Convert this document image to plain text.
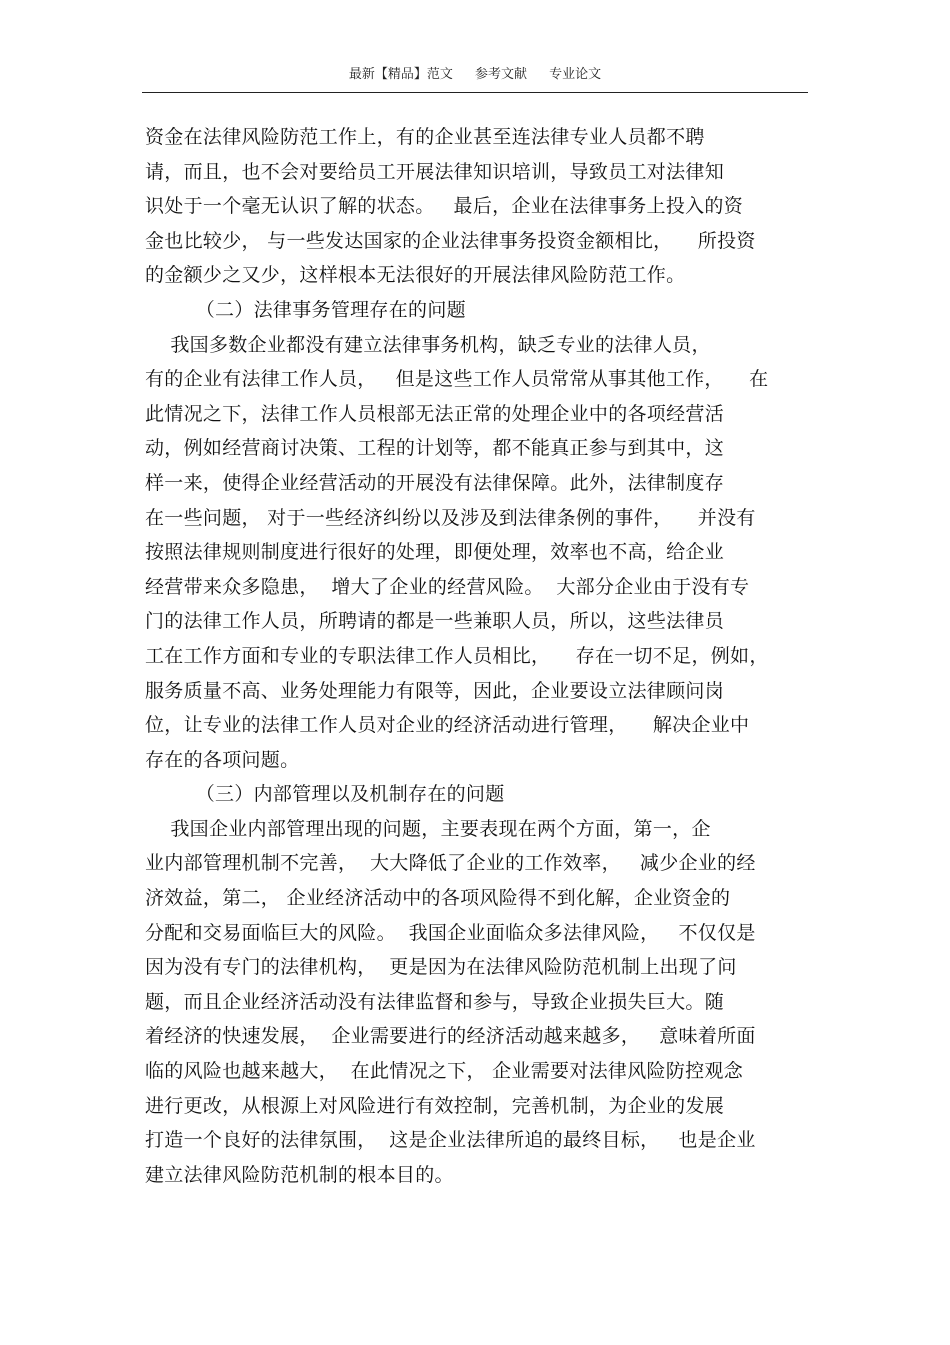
最新【精品】范文 参考文献 专业论文
资金在法律风险防范工作上，有的企业甚至连法律专业人员都不聘
请，而且，也不会对要给员工开展法律知识培训，导致员工对法律知
识处于一个毫无认识了解的状态。   最后，企业在法律事务上投入的资
金也比较少， 与一些发达国家的企业法律事务投资金额相比，    所投资
的金额少之又少，这样根本无法很好的开展法律风险防范工作。
（二）法律事务管理存在的问题
我国多数企业都没有建立法律事务机构，缺乏专业的法律人员，
有的企业有法律工作人员，   但是这些工作人员常常从事其他工作，    在
此情况之下，法律工作人员根部无法正常的处理企业中的各项经营活
动，例如经营商讨决策、工程的计划等，都不能真正参与到其中，这
样一来，使得企业经营活动的开展没有法律保障。此外，法律制度存
在一些问题， 对于一些经济纠纷以及涉及到法律条例的事件，    并没有
按照法律规则制度进行很好的处理，即便处理，效率也不高，给企业
经营带来众多隐患，  增大了企业的经营风险。  大部分企业由于没有专
门的法律工作人员，所聘请的都是一些兼职人员，所以，这些法律员
工在工作方面和专业的专职法律工作人员相比，    存在一切不足，例如，
服务质量不高、业务处理能力有限等，因此，企业要设立法律顾问岗
位，让专业的法律工作人员对企业的经济活动进行管理，    解决企业中
存在的各项问题。
（三）内部管理以及机制存在的问题
我国企业内部管理出现的问题，主要表现在两个方面，第一，企
业内部管理机制不完善，  大大降低了企业的工作效率，   减少企业的经
济效益，第二， 企业经济活动中的各项风险得不到化解，企业资金的
分配和交易面临巨大的风险。  我国企业面临众多法律风险，   不仅仅是
因为没有专门的法律机构，  更是因为在法律风险防范机制上出现了问
题，而且企业经济活动没有法律监督和参与，导致企业损失巨大。随
着经济的快速发展，  企业需要进行的经济活动越来越多，   意味着所面
临的风险也越来越大，  在此情况之下， 企业需要对法律风险防控观念
进行更改，从根源上对风险进行有效控制，完善机制，为企业的发展
打造一个良好的法律氛围，  这是企业法律所追的最终目标，   也是企业
建立法律风险防范机制的根本目的。
